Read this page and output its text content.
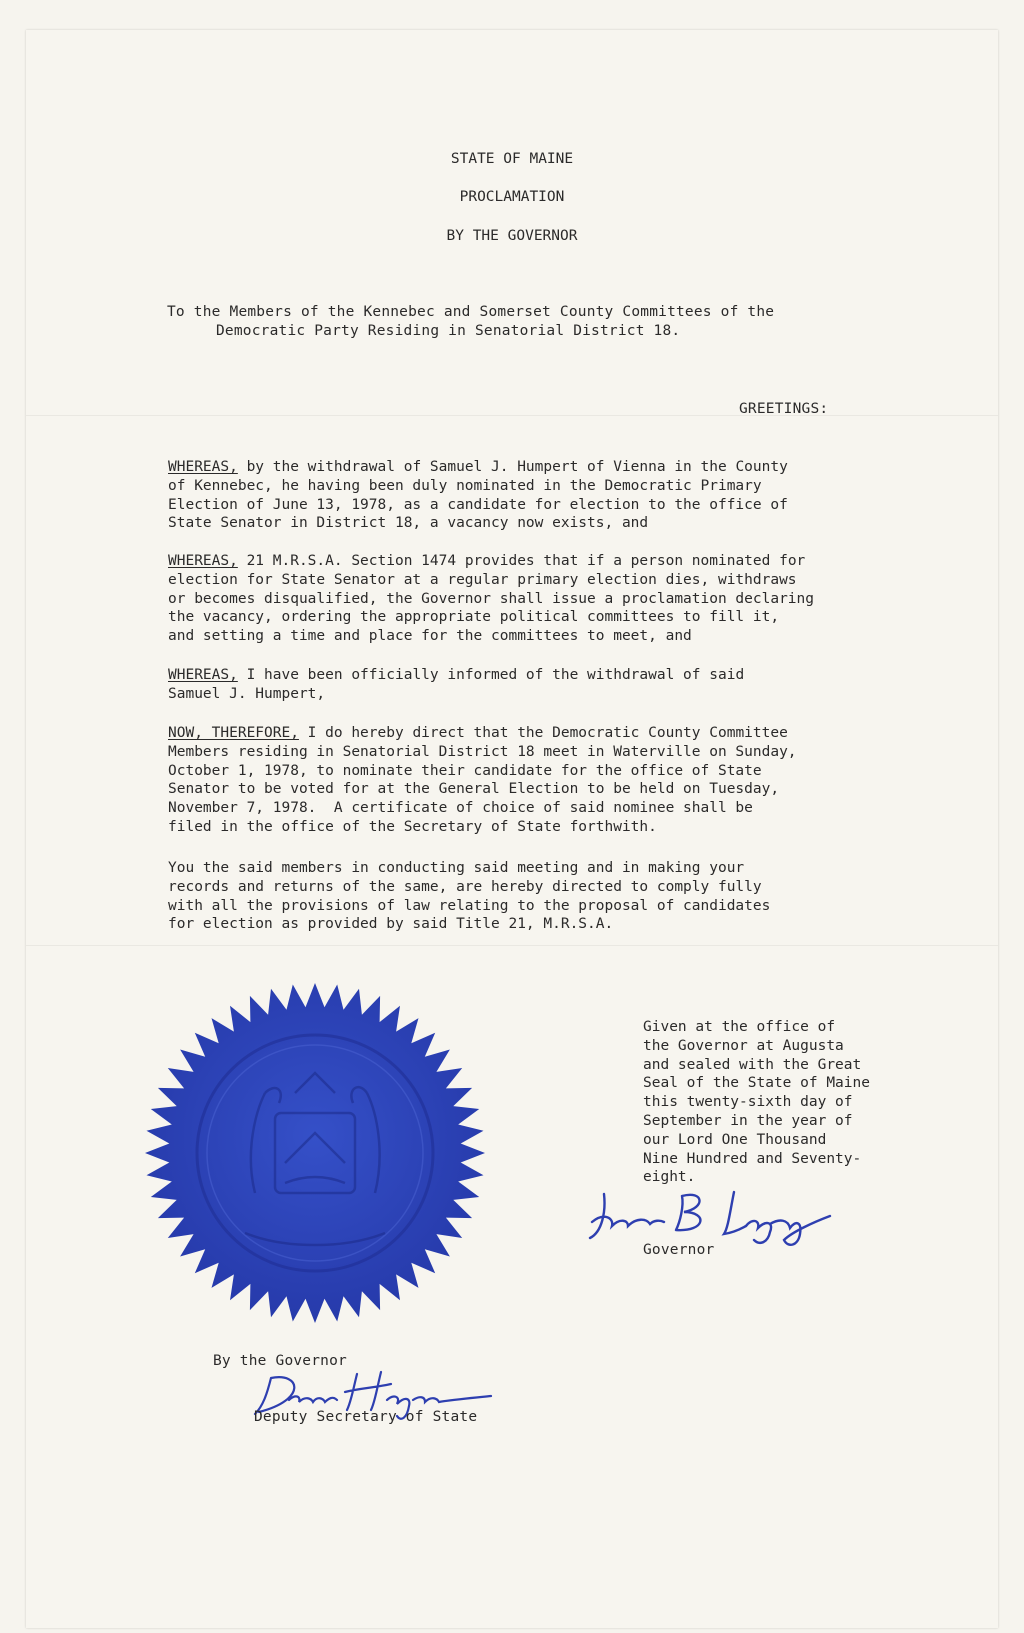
STATE OF MAINE
PROCLAMATION
BY THE GOVERNOR
To the Members of the Kennebec and Somerset County Committees of the
Democratic Party Residing in Senatorial District 18.
GREETINGS:
WHEREAS, by the withdrawal of Samuel J. Humpert of Vienna in the County
of Kennebec, he having been duly nominated in the Democratic Primary
Election of June 13, 1978, as a candidate for election to the office of
State Senator in District 18, a vacancy now exists, and
WHEREAS, 21 M.R.S.A. Section 1474 provides that if a person nominated for
election for State Senator at a regular primary election dies, withdraws
or becomes disqualified, the Governor shall issue a proclamation declaring
the vacancy, ordering the appropriate political committees to fill it,
and setting a time and place for the committees to meet, and
WHEREAS, I have been officially informed of the withdrawal of said
Samuel J. Humpert,
NOW, THEREFORE, I do hereby direct that the Democratic County Committee
Members residing in Senatorial District 18 meet in Waterville on Sunday,
October 1, 1978, to nominate their candidate for the office of State
Senator to be voted for at the General Election to be held on Tuesday,
November 7, 1978.  A certificate of choice of said nominee shall be
filed in the office of the Secretary of State forthwith.
You the said members in conducting said meeting and in making your
records and returns of the same, are hereby directed to comply fully
with all the provisions of law relating to the proposal of candidates
for election as provided by said Title 21, M.R.S.A.
Given at the office of
the Governor at Augusta
and sealed with the Great
Seal of the State of Maine
this twenty-sixth day of
September in the year of
our Lord One Thousand
Nine Hundred and Seventy-
eight.
Governor
By the Governor
Deputy Secretary of State
